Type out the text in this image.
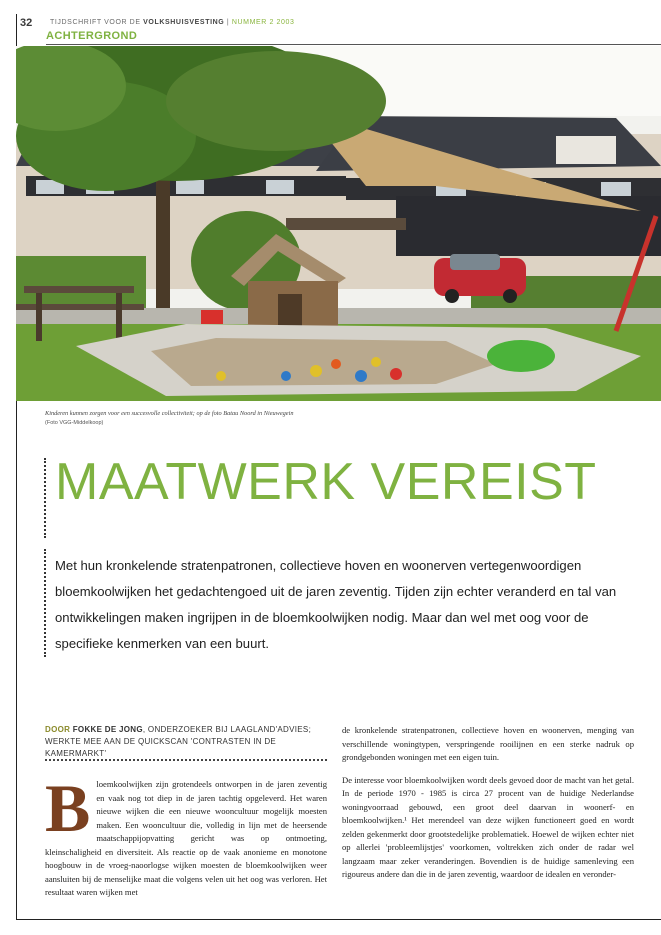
32	TIJDSCHRIFT VOOR DE VOLKSHUISVESTING | NUMMER 2 2003
ACHTERGROND
Kinderen kunnen zorgen voor een succesvolle collectiviteit; op de foto Batau Noord in Nieuwegein
(Foto VGG-Middelkoop)
MAATWERK VEREIST
Met hun kronkelende stratenpatronen, collectieve hoven en woonerven vertegenwoordigen bloemkoolwijken het gedachtengoed uit de jaren zeventig. Tijden zijn echter veranderd en tal van ontwikkelingen maken ingrijpen in de bloemkoolwijken nodig. Maar dan wel met oog voor de specifieke kenmerken van een buurt.
DOOR FOKKE DE JONG, ONDERZOEKER BIJ LAAGLAND'ADVIES; WERKTE MEE AAN DE QUICKSCAN 'CONTRASTEN IN DE KAMERMARKT'
B loemkoolwijken zijn grotendeels ontworpen in de jaren zeventig en vaak nog tot diep in de jaren tachtig opgeleverd. Het waren nieuwe wijken die een nieuwe wooncultuur mogelijk moesten maken. Een wooncultuur die, volledig in lijn met de heersende maatschappijopvatting gericht was op ontmoeting, kleinschaligheid en diversiteit. Als reactie op de vaak anonieme en monotone hoogbouw in de vroeg-naoorlogse wijken moesten de bloemkoolwijken weer aansluiten bij de menselijke maat die volgens velen uit het oog was verloren. Het resultaat waren wijken met

de kronkelende stratenpatronen, collectieve hoven en woonerven, menging van verschillende woningtypen, verspringende rooilijnen en een sterke nadruk op grondgebonden woningen met een eigen tuin.

De interesse voor bloemkoolwijken wordt deels gevoed door de macht van het getal. In de periode 1970 - 1985 is circa 27 procent van de huidige Nederlandse woningvoorraad gebouwd, een groot deel daarvan in woonerf- en bloemkoolwijken.¹ Het merendeel van deze wijken functioneert goed en wordt zelden gekenmerkt door grootstedelijke problematiek. Hoewel de wijken echter niet op allerlei 'probleemlijstjes' voorkomen, voltrekken zich onder de radar wel langzaam maar zeker veranderingen. Bovendien is de huidige samenleving een rigoureus andere dan die in de jaren zeventig, waardoor de idealen en veronder-
